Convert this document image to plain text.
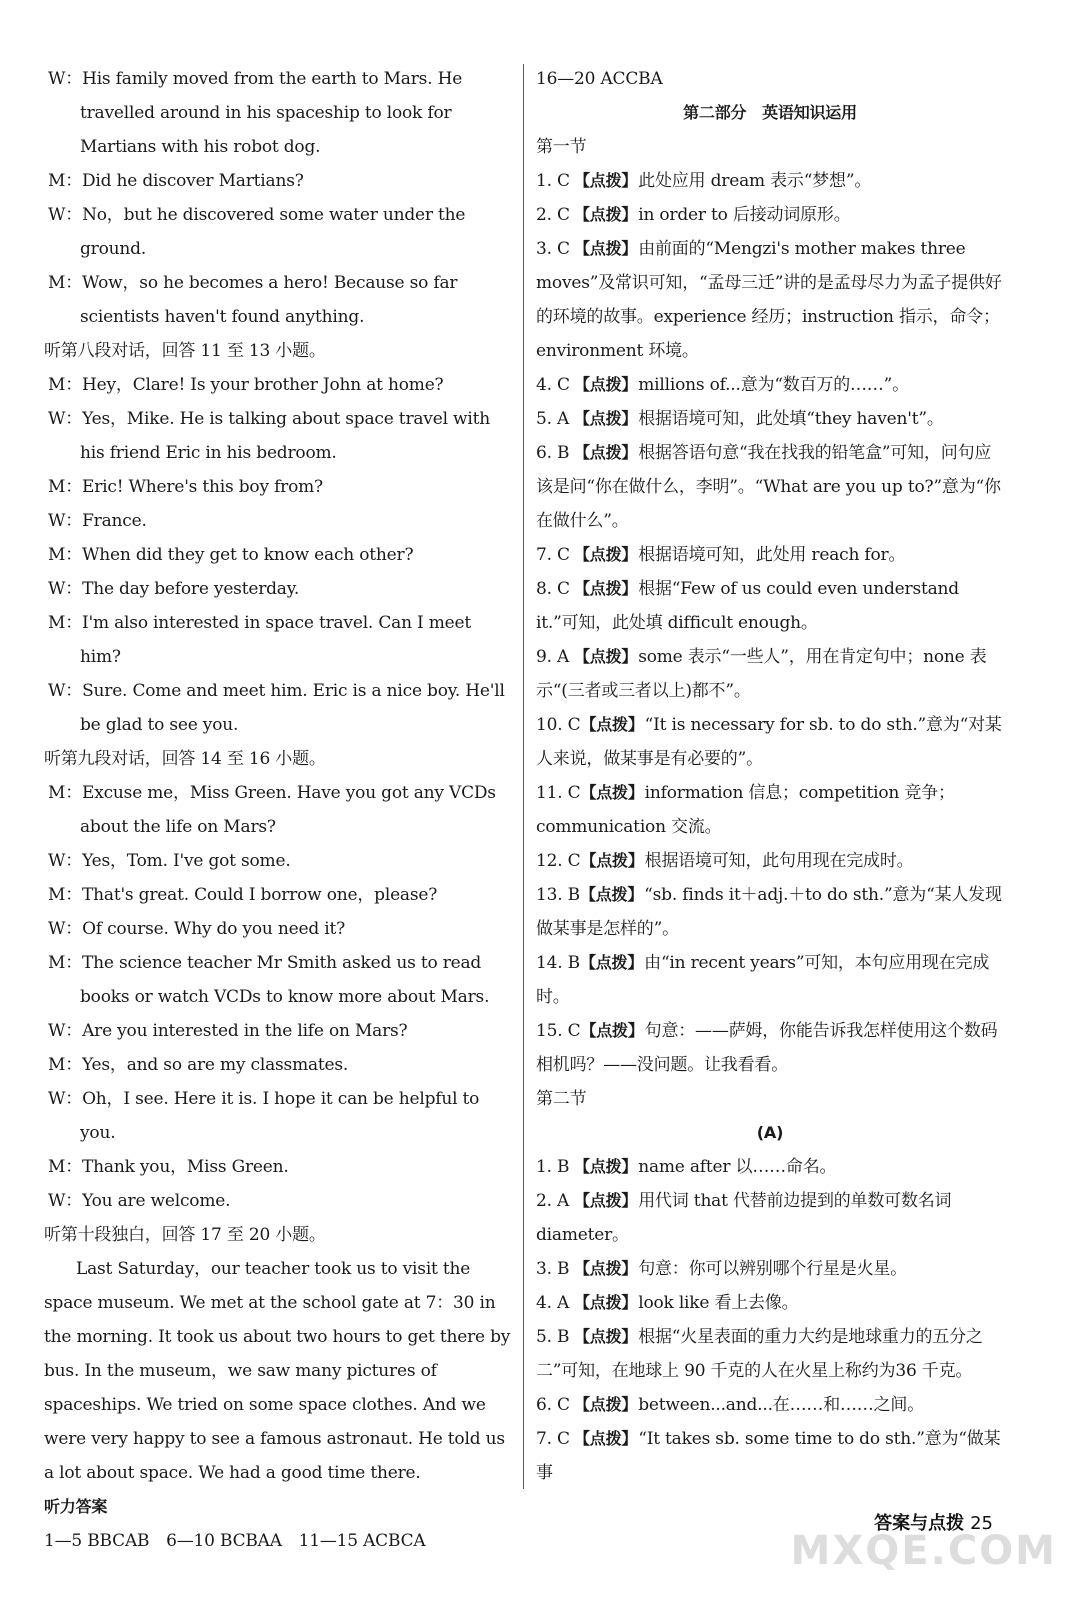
W：His family moved from the earth to Mars. He travelled around in his spaceship to look for Martians with his robot dog.

M：Did he discover Martians?

W：No，but he discovered some water under the ground.

M：Wow，so he becomes a hero! Because so far scientists haven't found anything.

听第八段对话，回答 11 至 13 小题。

M：Hey，Clare! Is your brother John at home?

W：Yes，Mike. He is talking about space travel with his friend Eric in his bedroom.

M：Eric! Where's this boy from?

W：France.

M：When did they get to know each other?

W：The day before yesterday.

M：I'm also interested in space travel. Can I meet him?

W：Sure. Come and meet him. Eric is a nice boy. He'll be glad to see you.

听第九段对话，回答 14 至 16 小题。

M：Excuse me，Miss Green. Have you got any VCDs about the life on Mars?

W：Yes，Tom. I've got some.

M：That's great. Could I borrow one，please?

W：Of course. Why do you need it?

M：The science teacher Mr Smith asked us to read books or watch VCDs to know more about Mars.

W：Are you interested in the life on Mars?

M：Yes，and so are my classmates.

W：Oh，I see. Here it is. I hope it can be helpful to you.

M：Thank you，Miss Green.

W：You are welcome.

听第十段独白，回答 17 至 20 小题。

Last Saturday，our teacher took us to visit the space museum. We met at the school gate at 7：30 in the morning. It took us about two hours to get there by bus. In the museum，we saw many pictures of spaceships. We tried on some space clothes. And we were very happy to see a famous astronaut. He told us a lot about space. We had a good time there.

听力答案

1—5 BBCAB　6—10 BCBAA　11—15 ACBCA

16—20 ACCBA

第二部分　英语知识运用

第一节

1. C 【点拨】此处应用 dream 表示“梦想”。

2. C 【点拨】in order to 后接动词原形。

3. C 【点拨】由前面的“Mengzi's mother makes three moves”及常识可知，“孟母三迁”讲的是孟母尽力为孟子提供好的环境的故事。experience 经历；instruction 指示，命令；environment 环境。

4. C 【点拨】millions of...意为“数百万的……”。

5. A 【点拨】根据语境可知，此处填“they haven't”。

6. B 【点拨】根据答语句意“我在找我的铅笔盒”可知，问句应该是问“你在做什么，李明”。“What are you up to?”意为“你在做什么”。

7. C 【点拨】根据语境可知，此处用 reach for。

8. C 【点拨】根据“Few of us could even understand it.”可知，此处填 difficult enough。

9. A 【点拨】some 表示“一些人”，用在肯定句中；none 表示“(三者或三者以上)都不”。

10. C【点拨】“It is necessary for sb. to do sth.”意为“对某人来说，做某事是有必要的”。

11. C【点拨】information 信息；competition 竞争；communication 交流。

12. C【点拨】根据语境可知，此句用现在完成时。

13. B【点拨】“sb. finds it＋adj.＋to do sth.”意为“某人发现做某事是怎样的”。

14. B【点拨】由“in recent years”可知，本句应用现在完成时。

15. C【点拨】句意：——萨姆，你能告诉我怎样使用这个数码相机吗？——没问题。让我看看。

第二节

(A)

1. B 【点拨】name after 以……命名。

2. A 【点拨】用代词 that 代替前边提到的单数可数名词 diameter。

3. B 【点拨】句意：你可以辨别哪个行星是火星。

4. A 【点拨】look like 看上去像。

5. B 【点拨】根据“火星表面的重力大约是地球重力的五分之二”可知，在地球上 90 千克的人在火星上称约为36 千克。

6. C 【点拨】between...and...在……和……之间。

7. C 【点拨】“It takes sb. some time to do sth.”意为“做某事

答案与点拨 25
MXQE.COM
